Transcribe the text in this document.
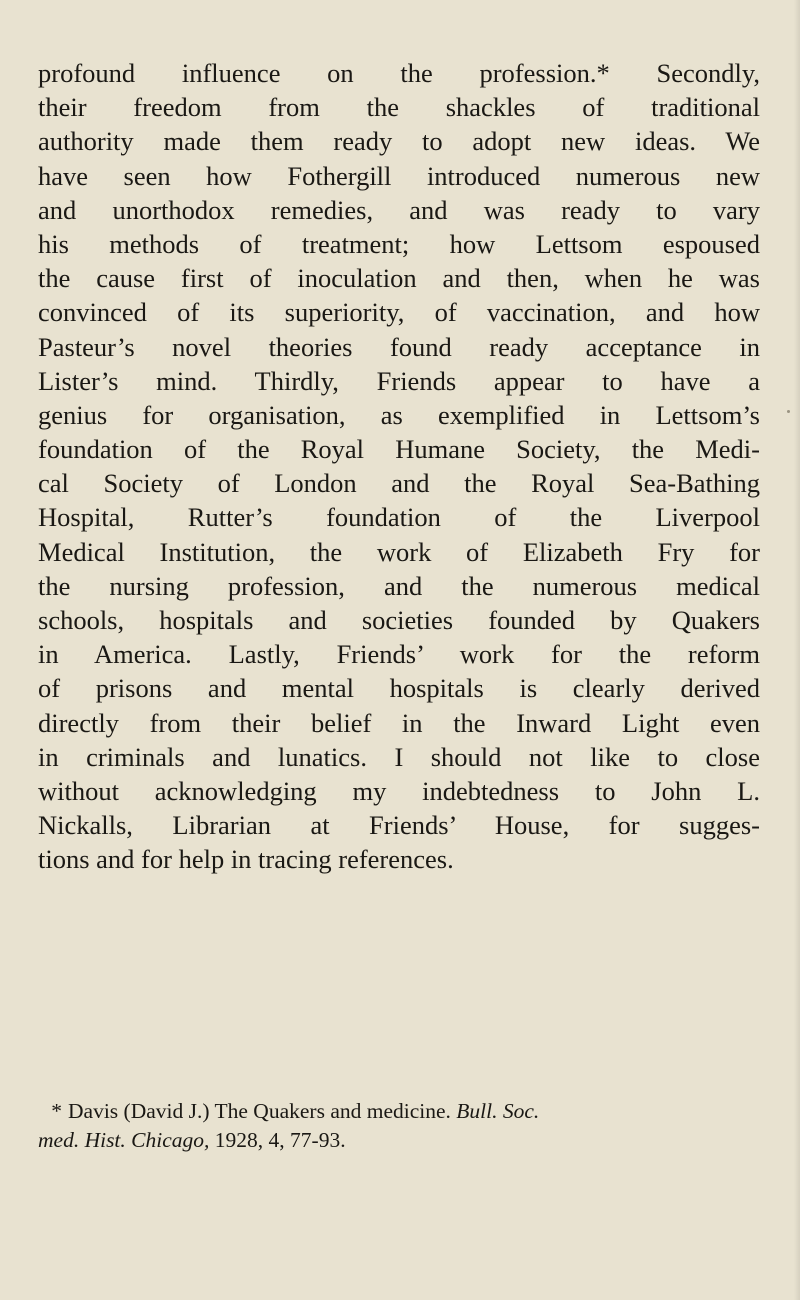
profound influence on the profession.* Secondly,
their freedom from the shackles of traditional
authority made them ready to adopt new ideas. We
have seen how Fothergill introduced numerous new
and unorthodox remedies, and was ready to vary
his methods of treatment; how Lettsom espoused
the cause first of inoculation and then, when he was
convinced of its superiority, of vaccination, and how
Pasteur’s novel theories found ready acceptance in
Lister’s mind. Thirdly, Friends appear to have a
genius for organisation, as exemplified in Lettsom’s
foundation of the Royal Humane Society, the Medi-
cal Society of London and the Royal Sea-Bathing
Hospital, Rutter’s foundation of the Liverpool
Medical Institution, the work of Elizabeth Fry for
the nursing profession, and the numerous medical
schools, hospitals and societies founded by Quakers
in America. Lastly, Friends’ work for the reform
of prisons and mental hospitals is clearly derived
directly from their belief in the Inward Light even
in criminals and lunatics. I should not like to close
without acknowledging my indebtedness to John L.
Nickalls, Librarian at Friends’ House, for sugges-
tions and for help in tracing references.
* Davis (David J.) The Quakers and medicine. Bull. Soc.
med. Hist. Chicago, 1928, 4, 77-93.
